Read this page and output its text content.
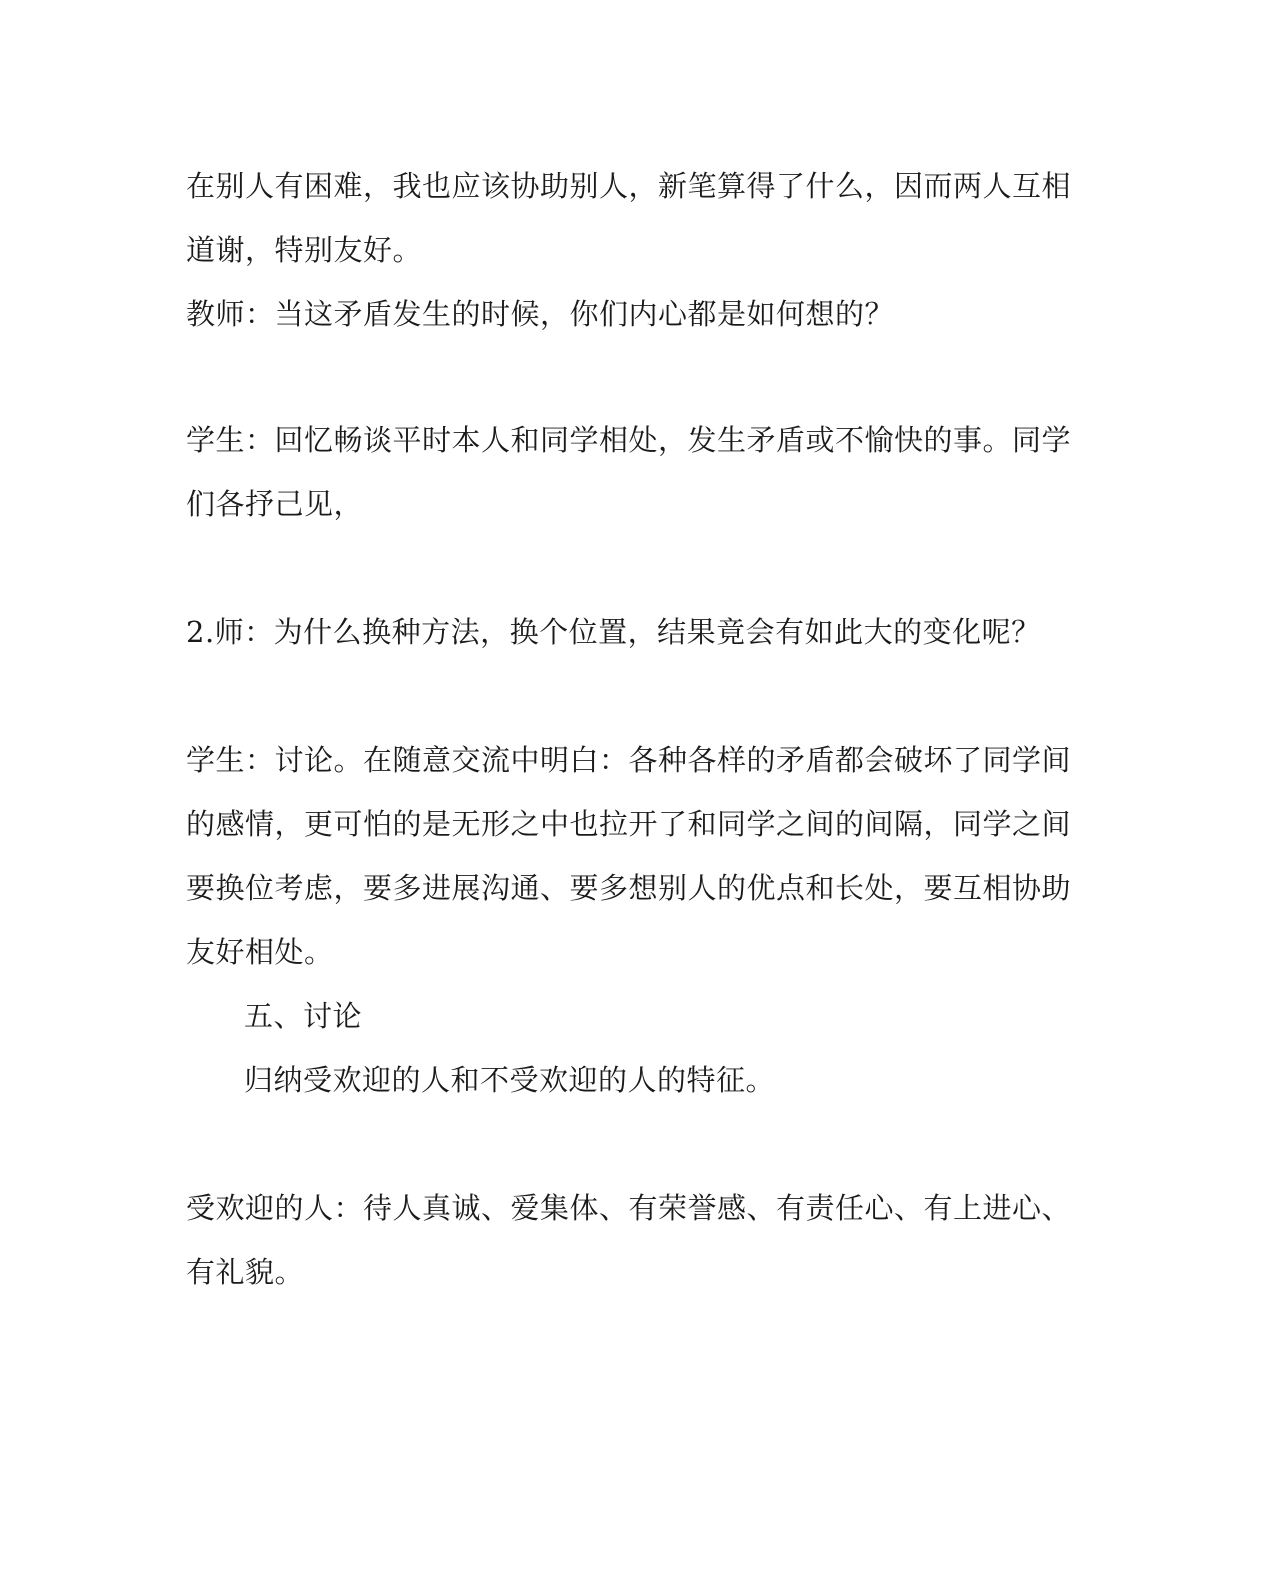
在别人有困难，我也应该协助别人，新笔算得了什么，因而两人互相

道谢，特别友好。

教师：当这矛盾发生的时候，你们内心都是如何想的？

学生：回忆畅谈平时本人和同学相处，发生矛盾或不愉快的事。同学

们各抒己见，

2.师：为什么换种方法，换个位置，结果竟会有如此大的变化呢？

学生：讨论。在随意交流中明白：各种各样的矛盾都会破坏了同学间

的感情，更可怕的是无形之中也拉开了和同学之间的间隔，同学之间

要换位考虑，要多进展沟通、要多想别人的优点和长处，要互相协助

友好相处。

五、讨论

归纳受欢迎的人和不受欢迎的人的特征。

受欢迎的人：待人真诚、爱集体、有荣誉感、有责任心、有上进心、

有礼貌。
